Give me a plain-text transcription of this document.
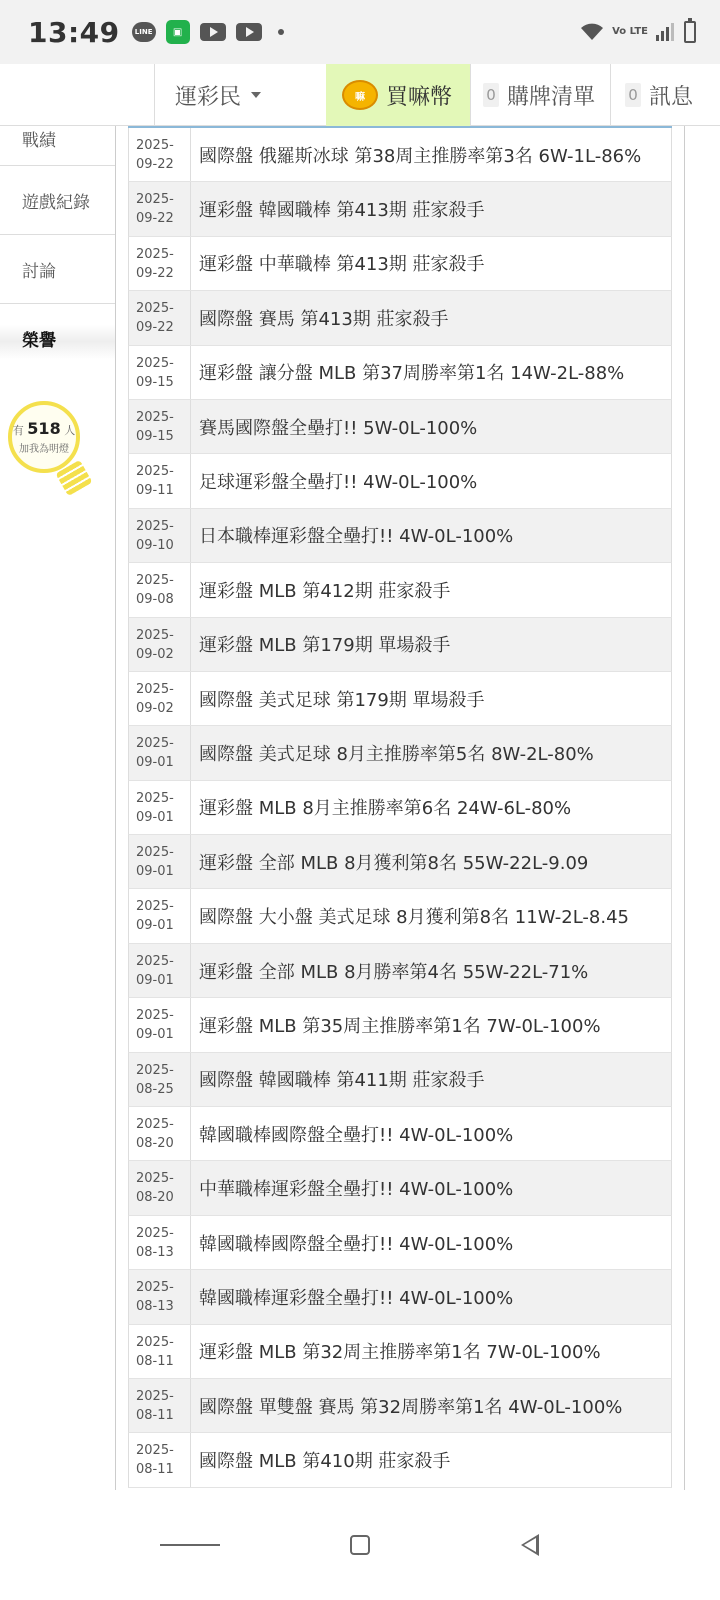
13:49	LINE	▣	Vo LTE
運彩民	嘛 買嘛幣 0 購牌清單 0 訊息
戰績
遊戲紀錄
討論
榮譽
有 518 人
加我為明燈
2025-
09-22	國際盤 俄羅斯冰球 第38周主推勝率第3名 6W-1L-86%
2025-
09-22	運彩盤 韓國職棒 第413期 莊家殺手
2025-
09-22	運彩盤 中華職棒 第413期 莊家殺手
2025-
09-22	國際盤 賽馬 第413期 莊家殺手
2025-
09-15	運彩盤 讓分盤 MLB 第37周勝率第1名 14W-2L-88%
2025-
09-15	賽馬國際盤全壘打!! 5W-0L-100%
2025-
09-11	足球運彩盤全壘打!! 4W-0L-100%
2025-
09-10	日本職棒運彩盤全壘打!! 4W-0L-100%
2025-
09-08	運彩盤 MLB 第412期 莊家殺手
2025-
09-02	運彩盤 MLB 第179期 單場殺手
2025-
09-02	國際盤 美式足球 第179期 單場殺手
2025-
09-01	國際盤 美式足球 8月主推勝率第5名 8W-2L-80%
2025-
09-01	運彩盤 MLB 8月主推勝率第6名 24W-6L-80%
2025-
09-01	運彩盤 全部 MLB 8月獲利第8名 55W-22L-9.09
2025-
09-01	國際盤 大小盤 美式足球 8月獲利第8名 11W-2L-8.45
2025-
09-01	運彩盤 全部 MLB 8月勝率第4名 55W-22L-71%
2025-
09-01	運彩盤 MLB 第35周主推勝率第1名 7W-0L-100%
2025-
08-25	國際盤 韓國職棒 第411期 莊家殺手
2025-
08-20	韓國職棒國際盤全壘打!! 4W-0L-100%
2025-
08-20	中華職棒運彩盤全壘打!! 4W-0L-100%
2025-
08-13	韓國職棒國際盤全壘打!! 4W-0L-100%
2025-
08-13	韓國職棒運彩盤全壘打!! 4W-0L-100%
2025-
08-11	運彩盤 MLB 第32周主推勝率第1名 7W-0L-100%
2025-
08-11	國際盤 單雙盤 賽馬 第32周勝率第1名 4W-0L-100%
2025-
08-11	國際盤 MLB 第410期 莊家殺手
